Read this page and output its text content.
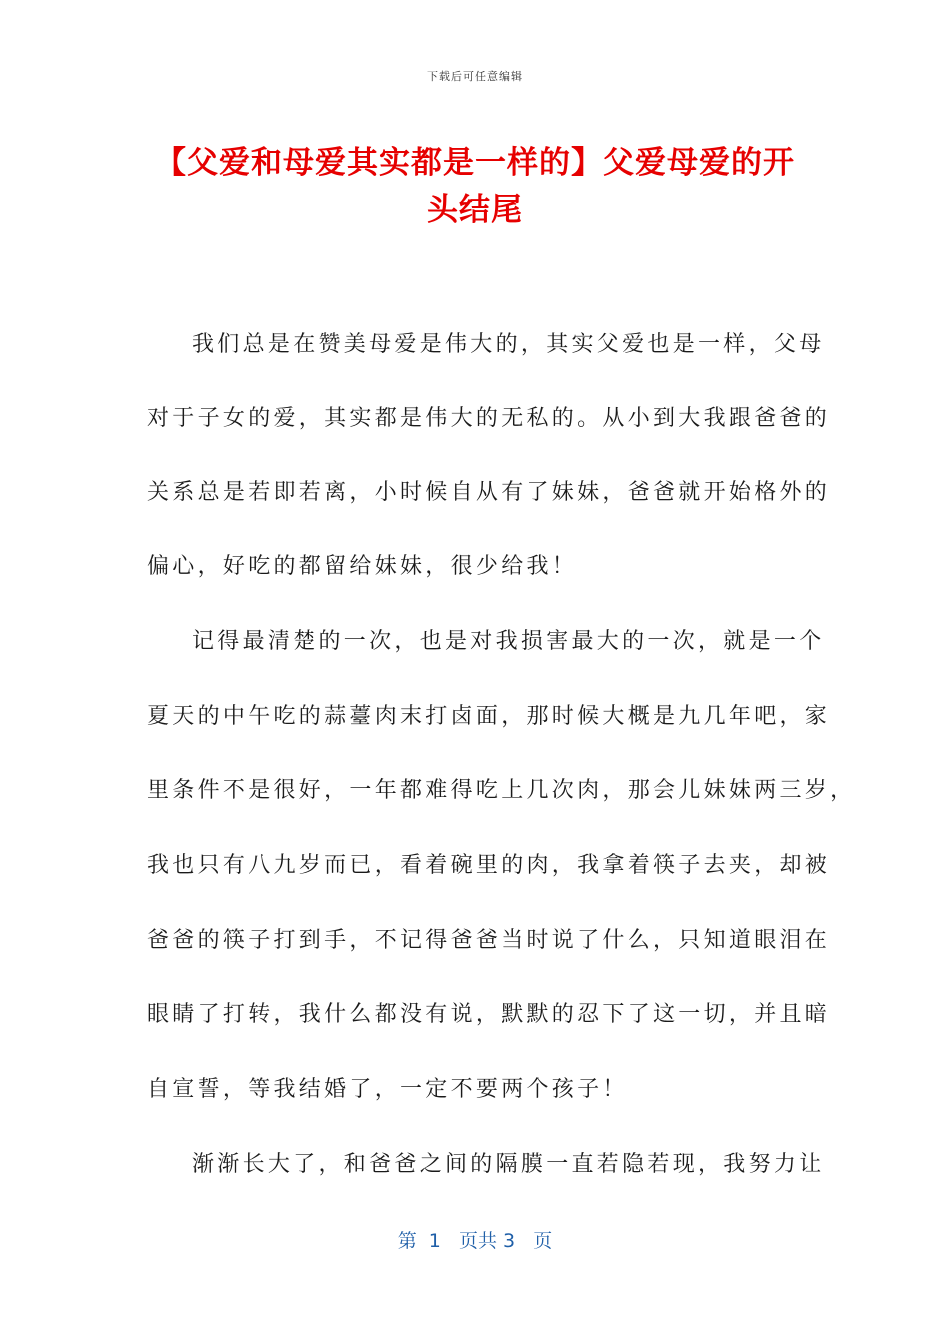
下载后可任意编辑
【父爱和母爱其实都是一样的】父爱母爱的开头结尾
我们总是在赞美母爱是伟大的，其实父爱也是一样，父母
对于子女的爱，其实都是伟大的无私的。从小到大我跟爸爸的
关系总是若即若离，小时候自从有了妹妹，爸爸就开始格外的
偏心，好吃的都留给妹妹，很少给我！
记得最清楚的一次，也是对我损害最大的一次，就是一个
夏天的中午吃的蒜薹肉末打卤面，那时候大概是九几年吧，家
里条件不是很好，一年都难得吃上几次肉，那会儿妹妹两三岁，
我也只有八九岁而已，看着碗里的肉，我拿着筷子去夹，却被
爸爸的筷子打到手，不记得爸爸当时说了什么，只知道眼泪在
眼睛了打转，我什么都没有说，默默的忍下了这一切，并且暗
自宣誓，等我结婚了，一定不要两个孩子！
渐渐长大了，和爸爸之间的隔膜一直若隐若现，我努力让
第  1   页共 3   页
